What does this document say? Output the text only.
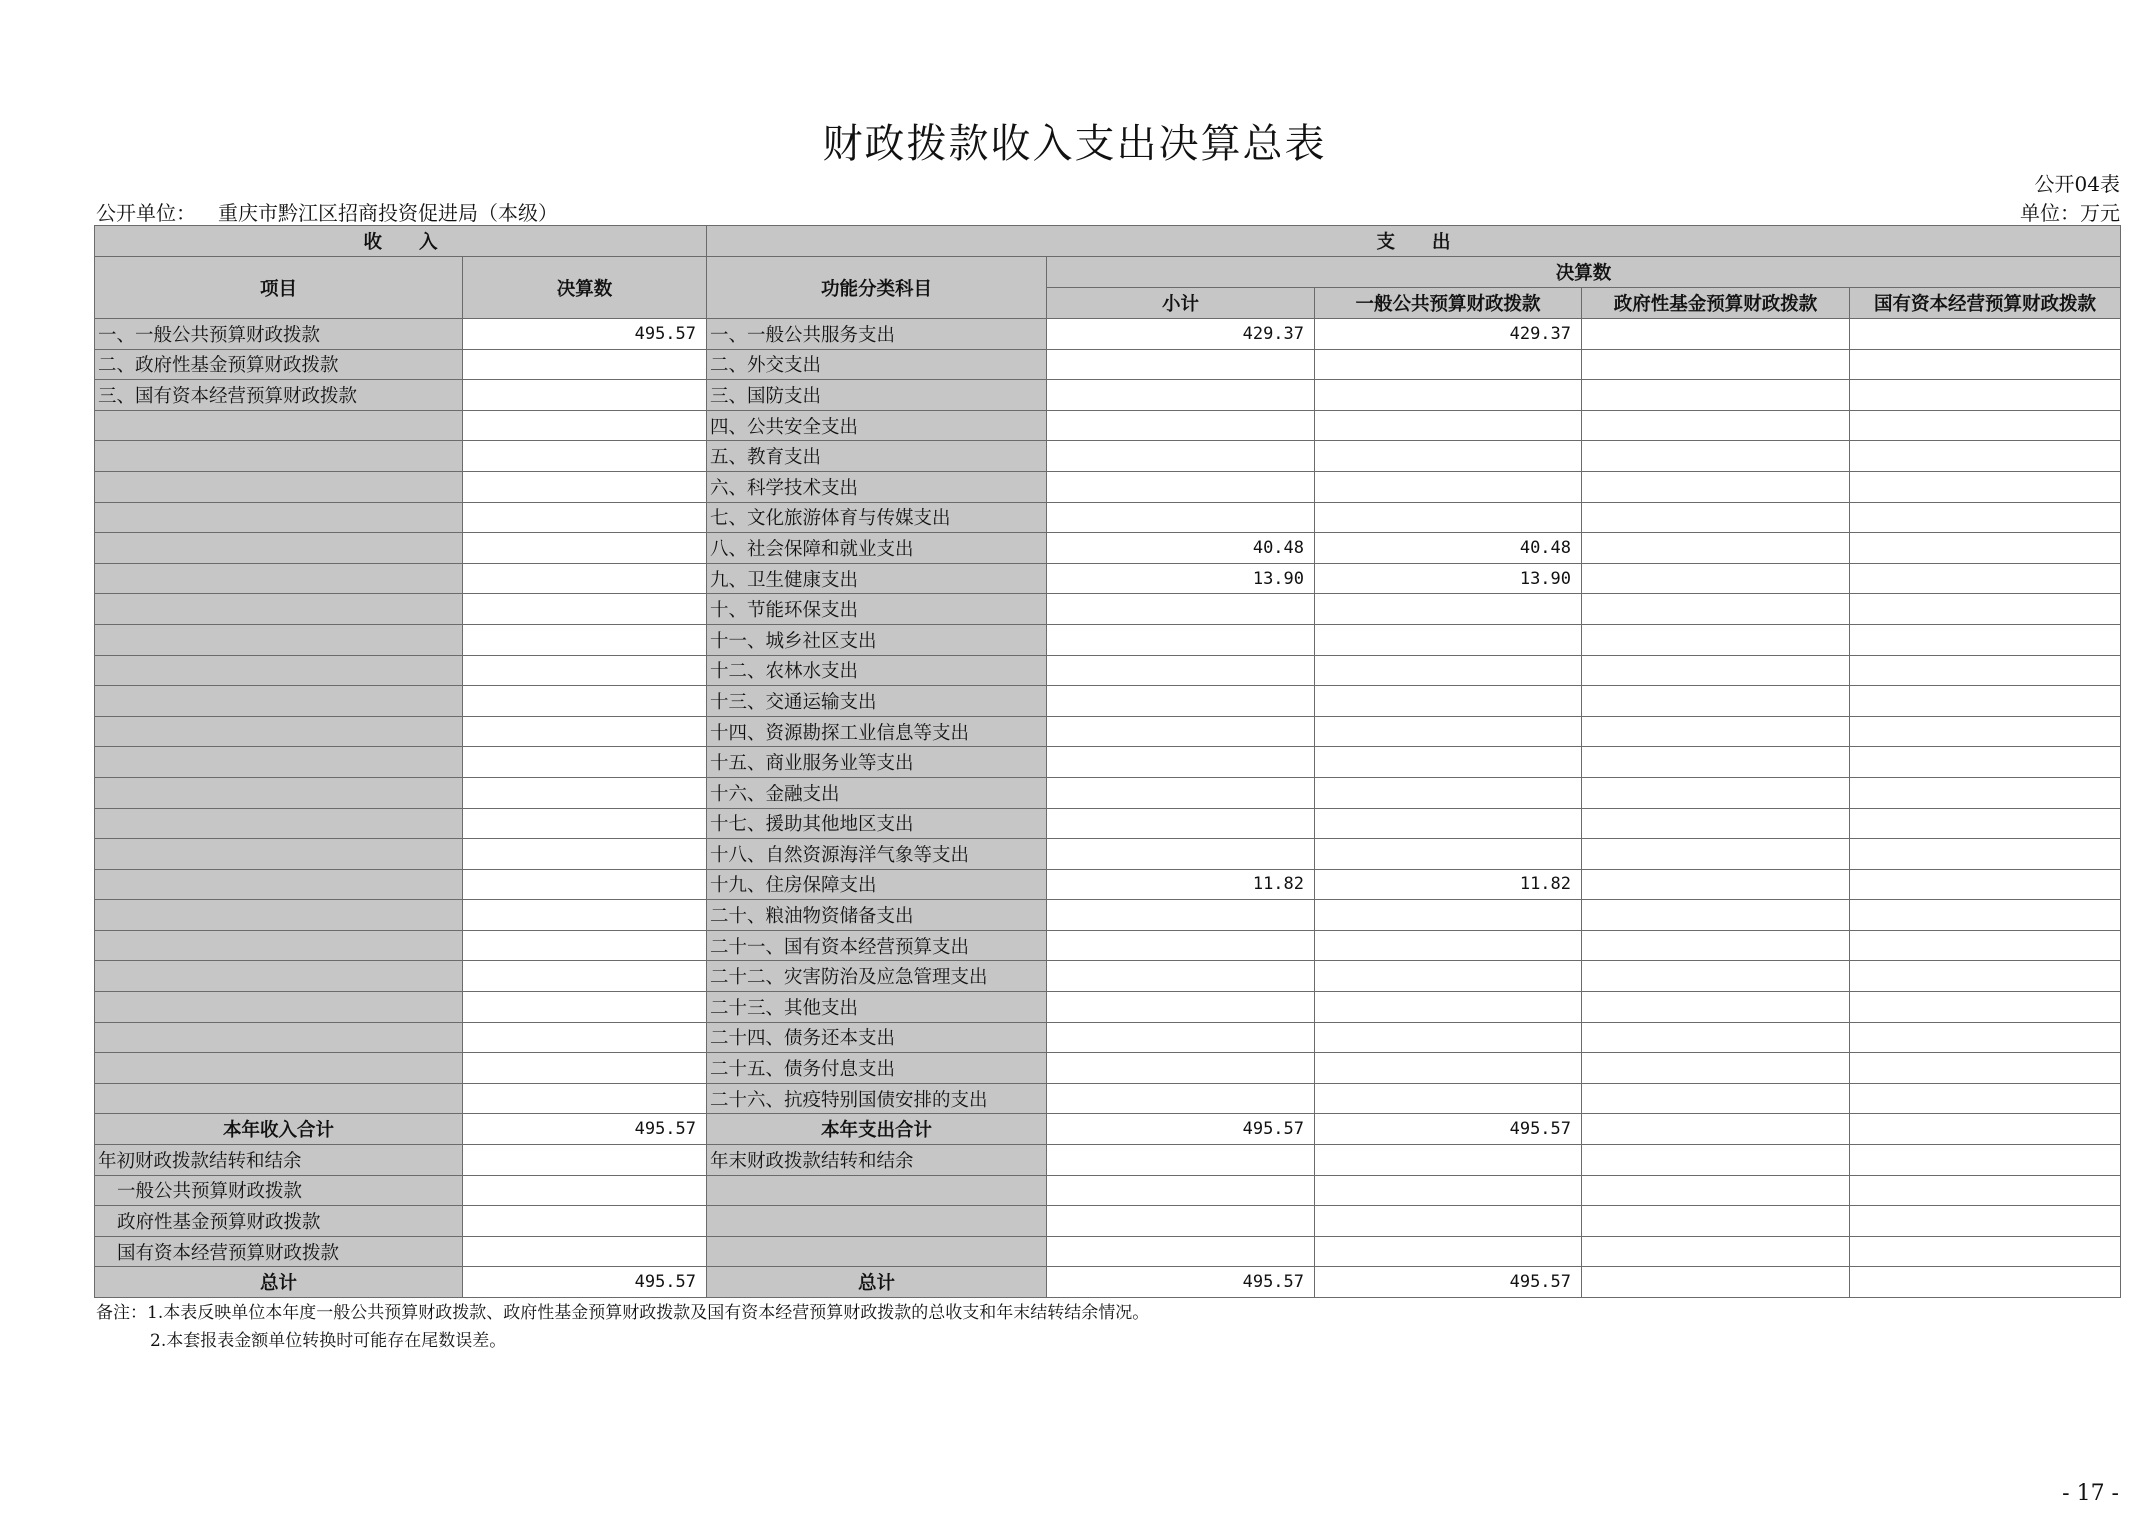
财政拨款收入支出决算总表
公开04表
公开单位： 重庆市黔江区招商投资促进局（本级）	单位：万元
收　　入		支　　出				
项目	决算数	功能分类科目	决算数			
			小计	一般公共预算财政拨款	政府性基金预算财政拨款	国有资本经营预算财政拨款
一、一般公共预算财政拨款	495.57	一、一般公共服务支出	429.37	429.37		
二、政府性基金预算财政拨款		二、外交支出				
三、国有资本经营预算财政拨款		三、国防支出				
		四、公共安全支出				
		五、教育支出				
		六、科学技术支出				
		七、文化旅游体育与传媒支出				
		八、社会保障和就业支出	40.48	40.48		
		九、卫生健康支出	13.90	13.90		
		十、节能环保支出				
		十一、城乡社区支出				
		十二、农林水支出				
		十三、交通运输支出				
		十四、资源勘探工业信息等支出				
		十五、商业服务业等支出				
		十六、金融支出				
		十七、援助其他地区支出				
		十八、自然资源海洋气象等支出				
		十九、住房保障支出	11.82	11.82		
		二十、粮油物资储备支出				
		二十一、国有资本经营预算支出				
		二十二、灾害防治及应急管理支出				
		二十三、其他支出				
		二十四、债务还本支出				
		二十五、债务付息支出				
		二十六、抗疫特别国债安排的支出				
本年收入合计	495.57	本年支出合计	495.57	495.57		
年初财政拨款结转和结余		年末财政拨款结转和结余				
一般公共预算财政拨款						
政府性基金预算财政拨款						
国有资本经营预算财政拨款						
总计	495.57	总计	495.57	495.57		
备注：1.本表反映单位本年度一般公共预算财政拨款、政府性基金预算财政拨款及国有资本经营预算财政拨款的总收支和年末结转结余情况。
2.本套报表金额单位转换时可能存在尾数误差。
- 17 -
